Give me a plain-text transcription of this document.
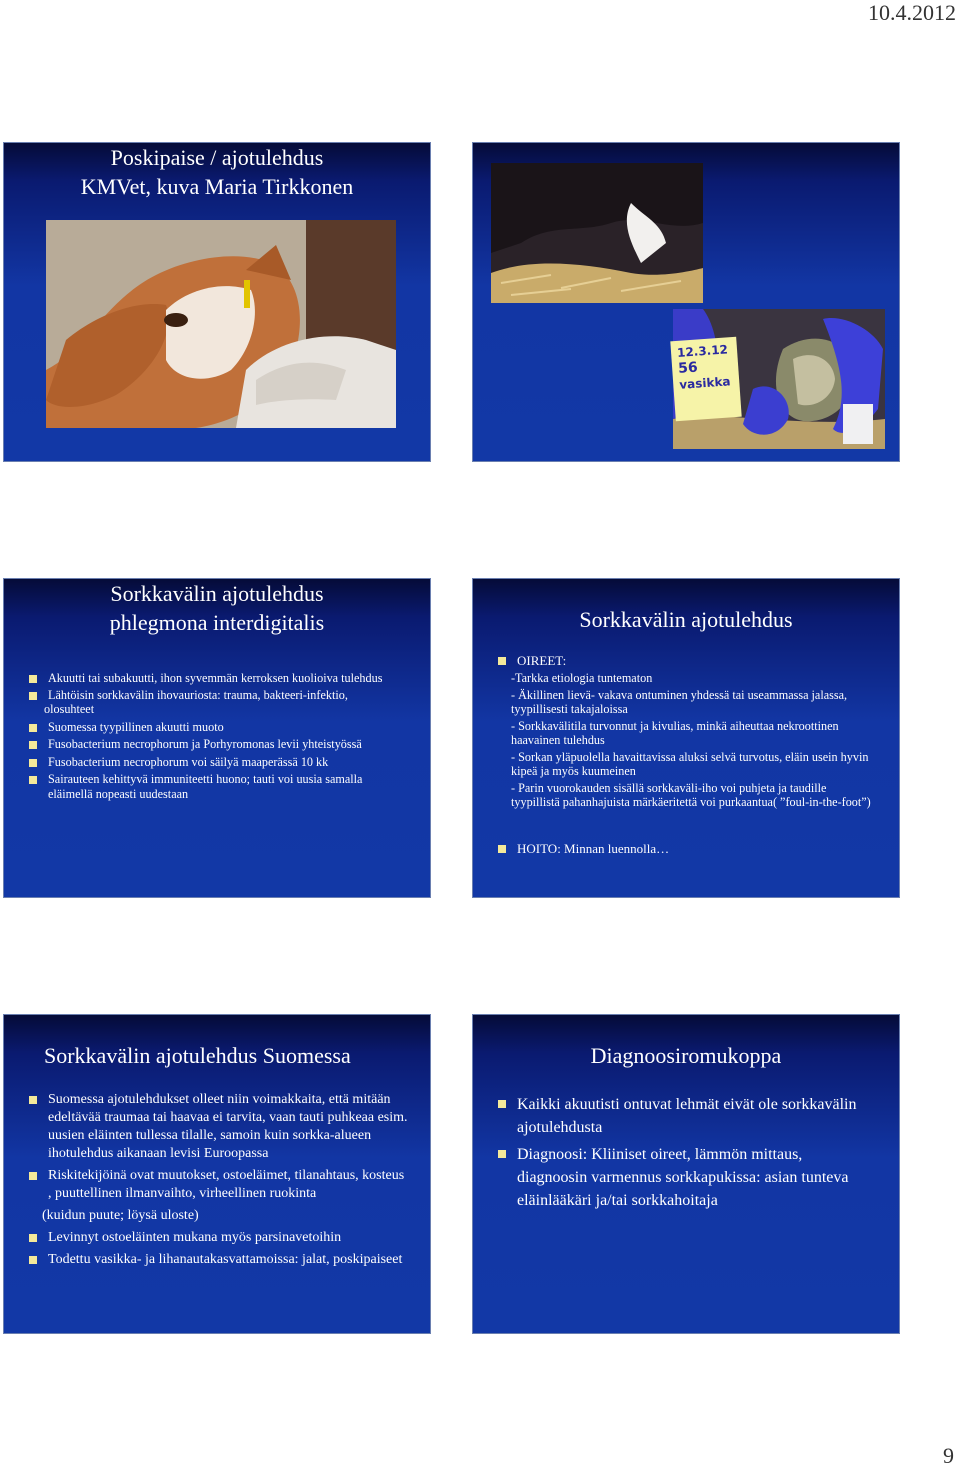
10.4.2012
Poskipaise / ajotulehdus
KMVet, kuva Maria Tirkkonen
12.3.12
56
vasikka
Sorkkavälin ajotulehdus
phlegmona interdigitalis
Akuutti tai subakuutti, ihon syvemmän kerroksen kuolioiva tulehdus
Lähtöisin sorkkavälin ihovauriosta: trauma, bakteeri-infektio,
olosuhteet
Suomessa tyypillinen akuutti muoto
Fusobacterium necrophorum ja Porhyromonas levii yhteistyössä
Fusobacterium necrophorum voi säilyä maaperässä 10 kk
Sairauteen kehittyvä immuniteetti huono; tauti voi uusia samalla eläimellä nopeasti uudestaan
Sorkkavälin ajotulehdus
OIREET:
-Tarkka etiologia tuntematon
- Äkillinen lievä- vakava ontuminen yhdessä tai useammassa jalassa, tyypillisesti takajaloissa
- Sorkkavälitila turvonnut ja kivulias, minkä aiheuttaa nekroottinen haavainen tulehdus
- Sorkan yläpuolella havaittavissa aluksi selvä turvotus, eläin usein hyvin kipeä ja myös kuumeinen
- Parin vuorokauden sisällä sorkkaväli-iho voi puhjeta ja taudille tyypillistä pahanhajuista märkäeritettä voi purkaantua( ”foul-in-the-foot”)
HOITO: Minnan luennolla…
Sorkkavälin ajotulehdus Suomessa
Suomessa ajotulehdukset olleet niin voimakkaita, että mitään edeltävää traumaa tai haavaa ei tarvita, vaan tauti puhkeaa esim. uusien eläinten tullessa tilalle, samoin kuin sorkka-alueen ihotulehdus aikanaan levisi Euroopassa
Riskitekijöinä ovat muutokset, ostoeläimet, tilanahtaus, kosteus , puuttellinen ilmanvaihto, virheellinen ruokinta
(kuidun puute; löysä uloste)
Levinnyt ostoeläinten mukana myös parsinavetoihin
Todettu vasikka- ja lihanautakasvattamoissa: jalat, poskipaiseet
Diagnoosiromukoppa
Kaikki akuutisti ontuvat lehmät eivät ole sorkkavälin ajotulehdusta
Diagnoosi: Kliiniset oireet, lämmön mittaus, diagnoosin varmennus sorkkapukissa: asian tunteva eläinlääkäri ja/tai sorkkahoitaja
9
